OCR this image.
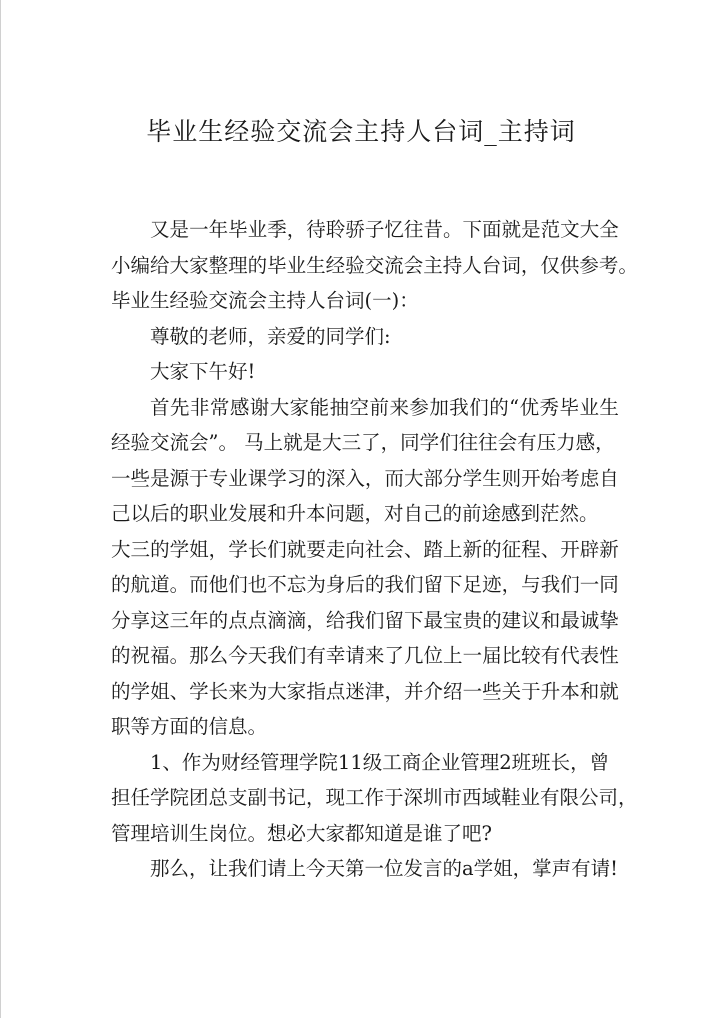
毕业生经验交流会主持人台词_主持词
又 是 一 年 毕 业 季 ， 待 聆 骄 子 忆 往 昔 。 下 面 就 是 范 文 大 全
小 编 给 大 家 整 理 的 毕 业 生 经 验 交 流 会 主 持 人 台 词 ， 仅 供 参 考 。
毕业生经验交流会主持人台词(一)：
尊敬的老师，亲爱的同学们:
大家下午好!
首 先 非 常 感 谢 大 家 能 抽 空 前 来 参 加 我 们 的 “ 优 秀 毕 业 生
经验交流会”。 马上就是大三了，同学们往往会有压力感，
一 些 是 源 于 专 业 课 学 习 的 深 入 ， 而 大 部 分 学 生 则 开 始 考 虑 自
己以后的职业发展和升本问题，对自己的前途感到茫然。
大 三 的 学 姐 ， 学 长 们 就 要 走 向 社 会 、 踏 上 新 的 征 程 、 开 辟 新
的 航 道 。 而 他 们 也 不 忘 为 身 后 的 我 们 留 下 足 迹 ， 与 我 们 一 同
分 享 这 三 年 的 点 点 滴 滴 ， 给 我 们 留 下 最 宝 贵 的 建 议 和 最 诚 挚
的 祝 福 。 那 么 今 天 我 们 有 幸 请 来 了 几 位 上 一 届 比 较 有 代 表 性
的 学 姐 、 学 长 来 为 大 家 指 点 迷 津 ， 并 介 绍 一 些 关 于 升 本 和 就
职等方面的信息。
1、作为财经管理学院11级工商企业管理2班班长，曾
担任学院团总支副书记，现工作于深圳市西域鞋业有限公司，
管理培训生岗位。想必大家都知道是谁了吧?
那么，让我们请上今天第一位发言的a学姐，掌声有请!
